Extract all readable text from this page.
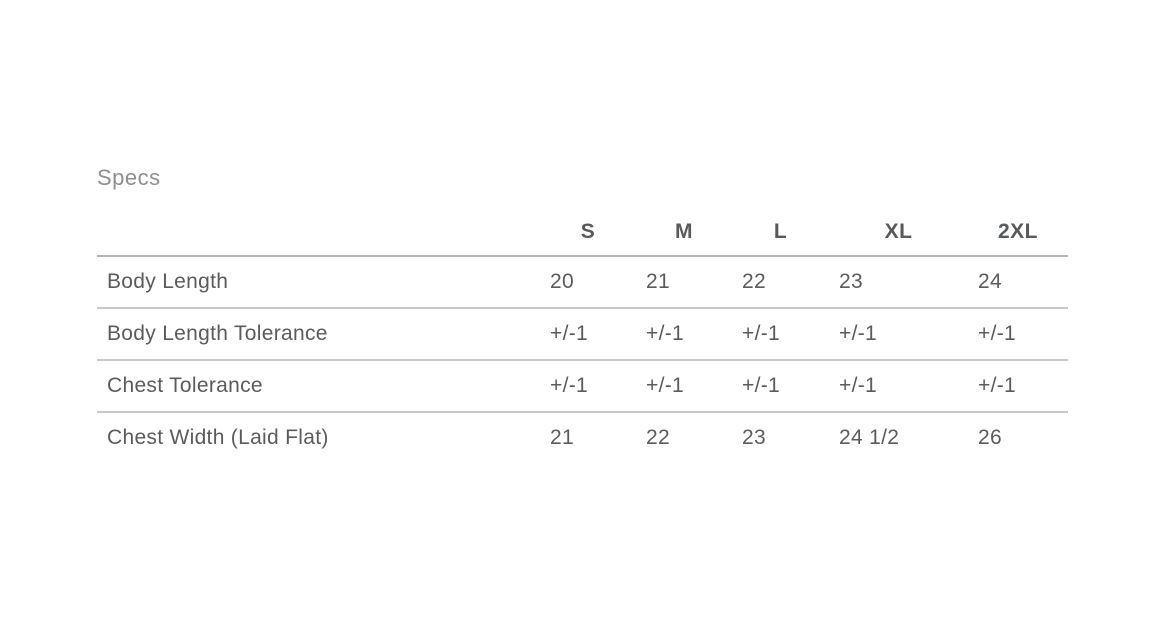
Specs
	S	M	L	XL	2XL
Body Length	20	21	22	23	24
Body Length Tolerance	+/-1	+/-1	+/-1	+/-1	+/-1
Chest Tolerance	+/-1	+/-1	+/-1	+/-1	+/-1
Chest Width (Laid Flat)	21	22	23	24 1/2	26
